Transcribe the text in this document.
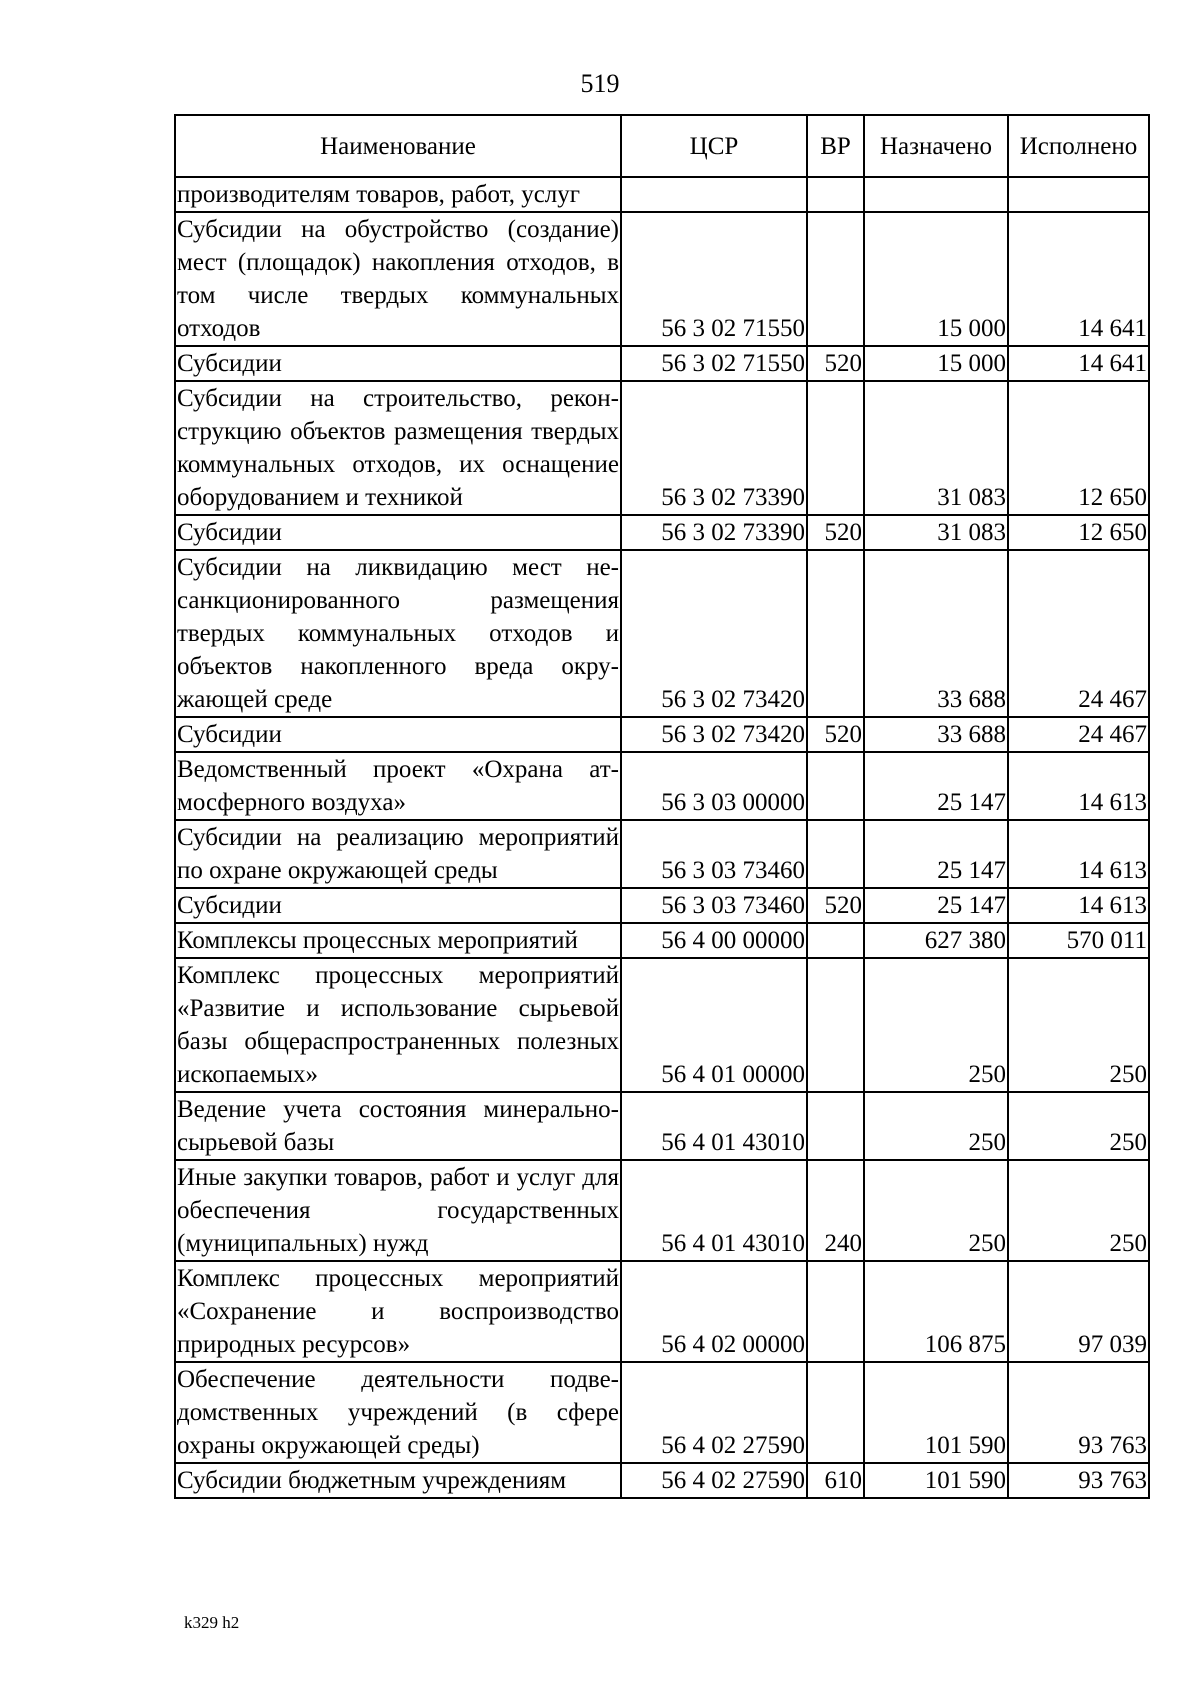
519
Наименование	ЦСР	ВР	Назначено	Исполнено
производителям товаров, работ, услуг				
Субсидии на обустройство (создание) мест (площадок) накопления отходов, в том числе твердых коммунальных отходов	56 3 02 71550		15 000	14 641
Субсидии	56 3 02 71550	520	15 000	14 641
Субсидии на строительство, реконструкцию объектов размещения твердых коммунальных отходов, их оснащение оборудованием и техникой	56 3 02 73390		31 083	12 650
Субсидии	56 3 02 73390	520	31 083	12 650
Субсидии на ликвидацию мест несанкционированного размещения твердых коммунальных отходов и объектов накопленного вреда окружающей среде	56 3 02 73420		33 688	24 467
Субсидии	56 3 02 73420	520	33 688	24 467
Ведомственный проект «Охрана атмосферного воздуха»	56 3 03 00000		25 147	14 613
Субсидии на реализацию мероприятий по охране окружающей среды	56 3 03 73460		25 147	14 613
Субсидии	56 3 03 73460	520	25 147	14 613
Комплексы процессных мероприятий	56 4 00 00000		627 380	570 011
Комплекс процессных мероприятий «Развитие и использование сырьевой базы общераспространенных полезных ископаемых»	56 4 01 00000		250	250
Ведение учета состояния минерально-сырьевой базы	56 4 01 43010		250	250
Иные закупки товаров, работ и услуг для обеспечения государственных (муниципальных) нужд	56 4 01 43010	240	250	250
Комплекс процессных мероприятий «Сохранение и воспроизводство природных ресурсов»	56 4 02 00000		106 875	97 039
Обеспечение деятельности подведомственных учреждений (в сфере охраны окружающей среды)	56 4 02 27590		101 590	93 763
Субсидии бюджетным учреждениям	56 4 02 27590	610	101 590	93 763
k329 h2
